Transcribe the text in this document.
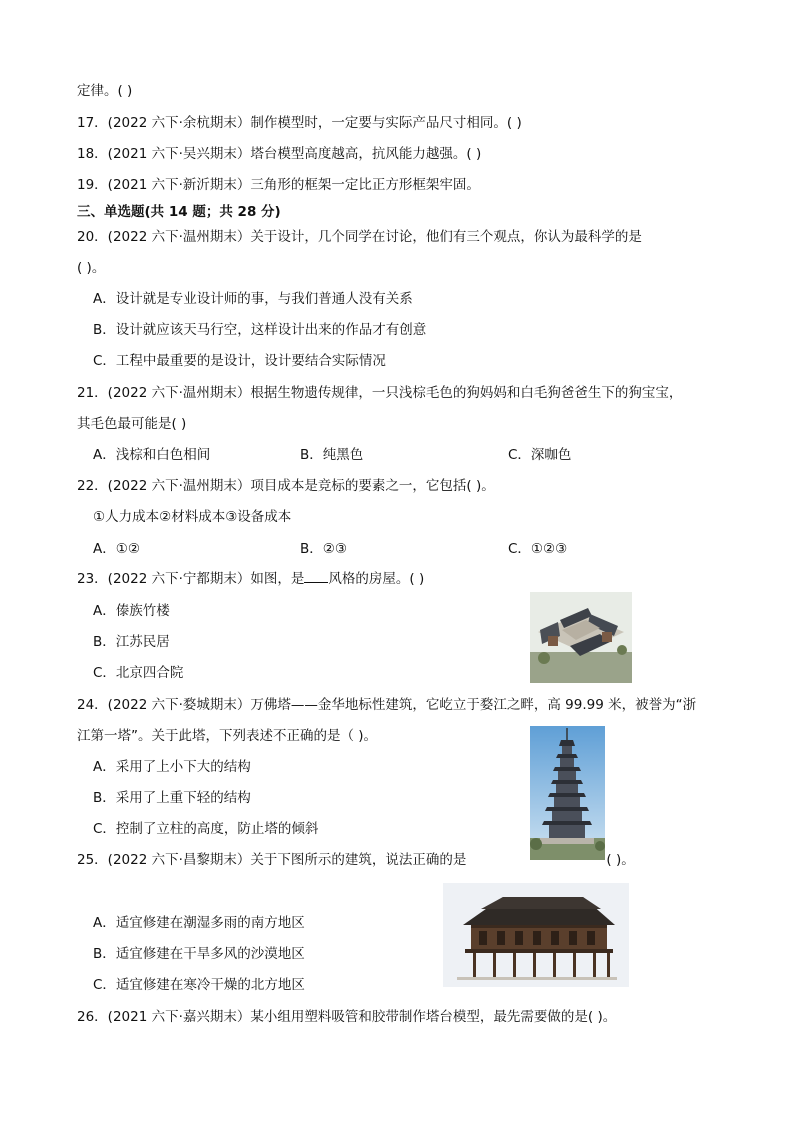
定律。( )
17．(2022 六下·余杭期末）制作模型时，一定要与实际产品尺寸相同。( )
18．(2021 六下·吴兴期末）塔台模型高度越高，抗风能力越强。( )
19．(2021 六下·新沂期末）三角形的框架一定比正方形框架牢固。
三、单选题(共 14 题；共 28 分)
20．(2022 六下·温州期末）关于设计，几个同学在讨论，他们有三个观点，你认为最科学的是
( )。
A．设计就是专业设计师的事，与我们普通人没有关系
B．设计就应该天马行空，这样设计出来的作品才有创意
C．工程中最重要的是设计，设计要结合实际情况
21．(2022 六下·温州期末）根据生物遗传规律，一只浅棕毛色的狗妈妈和白毛狗爸爸生下的狗宝宝，
其毛色最可能是( )
A．浅棕和白色相间	B．纯黑色	C．深咖色
22．(2022 六下·温州期末）项目成本是竞标的要素之一，它包括( )。
①人力成本②材料成本③设备成本
A．①②	B．②③	C．①②③
23．(2022 六下·宁都期末）如图，是 风格的房屋。( )
A．傣族竹楼
B．江苏民居
C．北京四合院
24．(2022 六下·婺城期末）万佛塔——金华地标性建筑，它屹立于婺江之畔，高 99.99 米，被誉为“浙
江第一塔”。关于此塔，下列表述不正确的是（ )。
A．采用了上小下大的结构
B．采用了上重下轻的结构
C．控制了立柱的高度，防止塔的倾斜
25．(2022 六下·昌黎期末）关于下图所示的建筑，说法正确的是	( )。
A．适宜修建在潮湿多雨的南方地区
B．适宜修建在干旱多风的沙漠地区
C．适宜修建在寒冷干燥的北方地区
26．(2021 六下·嘉兴期末）某小组用塑料吸管和胶带制作塔台模型，最先需要做的是( )。
